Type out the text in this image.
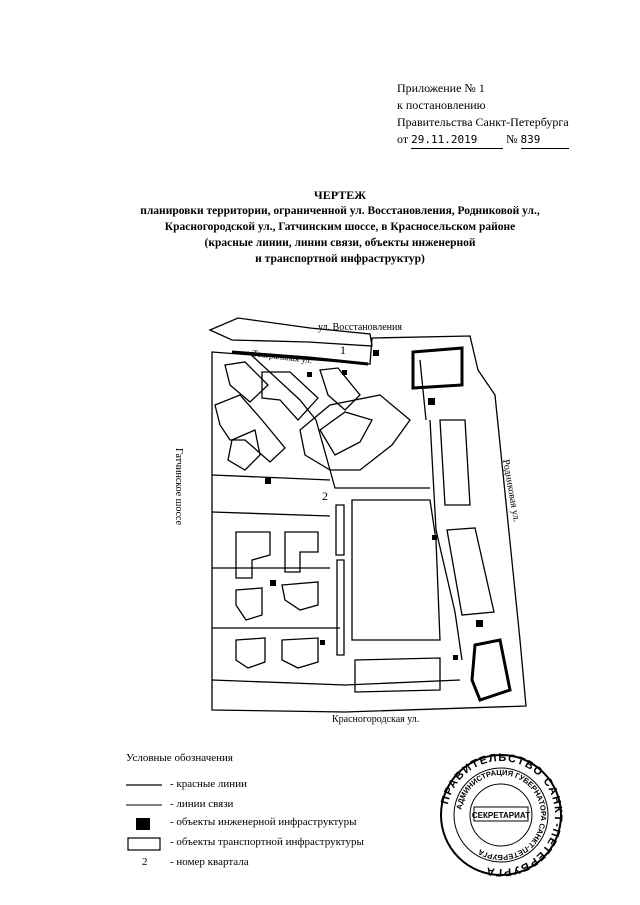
Приложение № 1
к постановлению
Правительства Санкт-Петербурга
от 29.11.2019 № 839
ЧЕРТЕЖ
планировки территории, ограниченной ул. Восстановления, Родниковой ул.,
Красногородской ул., Гатчинским шоссе, в Красносельском районе
(красные линии, линии связи, объекты инженерной
и транспортной инфраструктур)
ул. Восстановления
Театральная ул.
Родниковая ул.
Гатчинское шоссе
Красногородская ул.
1
2
Условные обозначения
- красные линии
- линии связи
- объекты инженерной инфраструктуры
- объекты транспортной инфраструктуры
2 - номер квартала
ПРАВИТЕЛЬСТВО САНКТ-ПЕТЕРБУРГА
АДМИНИСТРАЦИЯ ГУБЕРНАТОРА САНКТ-ПЕТЕРБУРГА
СЕКРЕТАРИАТ
